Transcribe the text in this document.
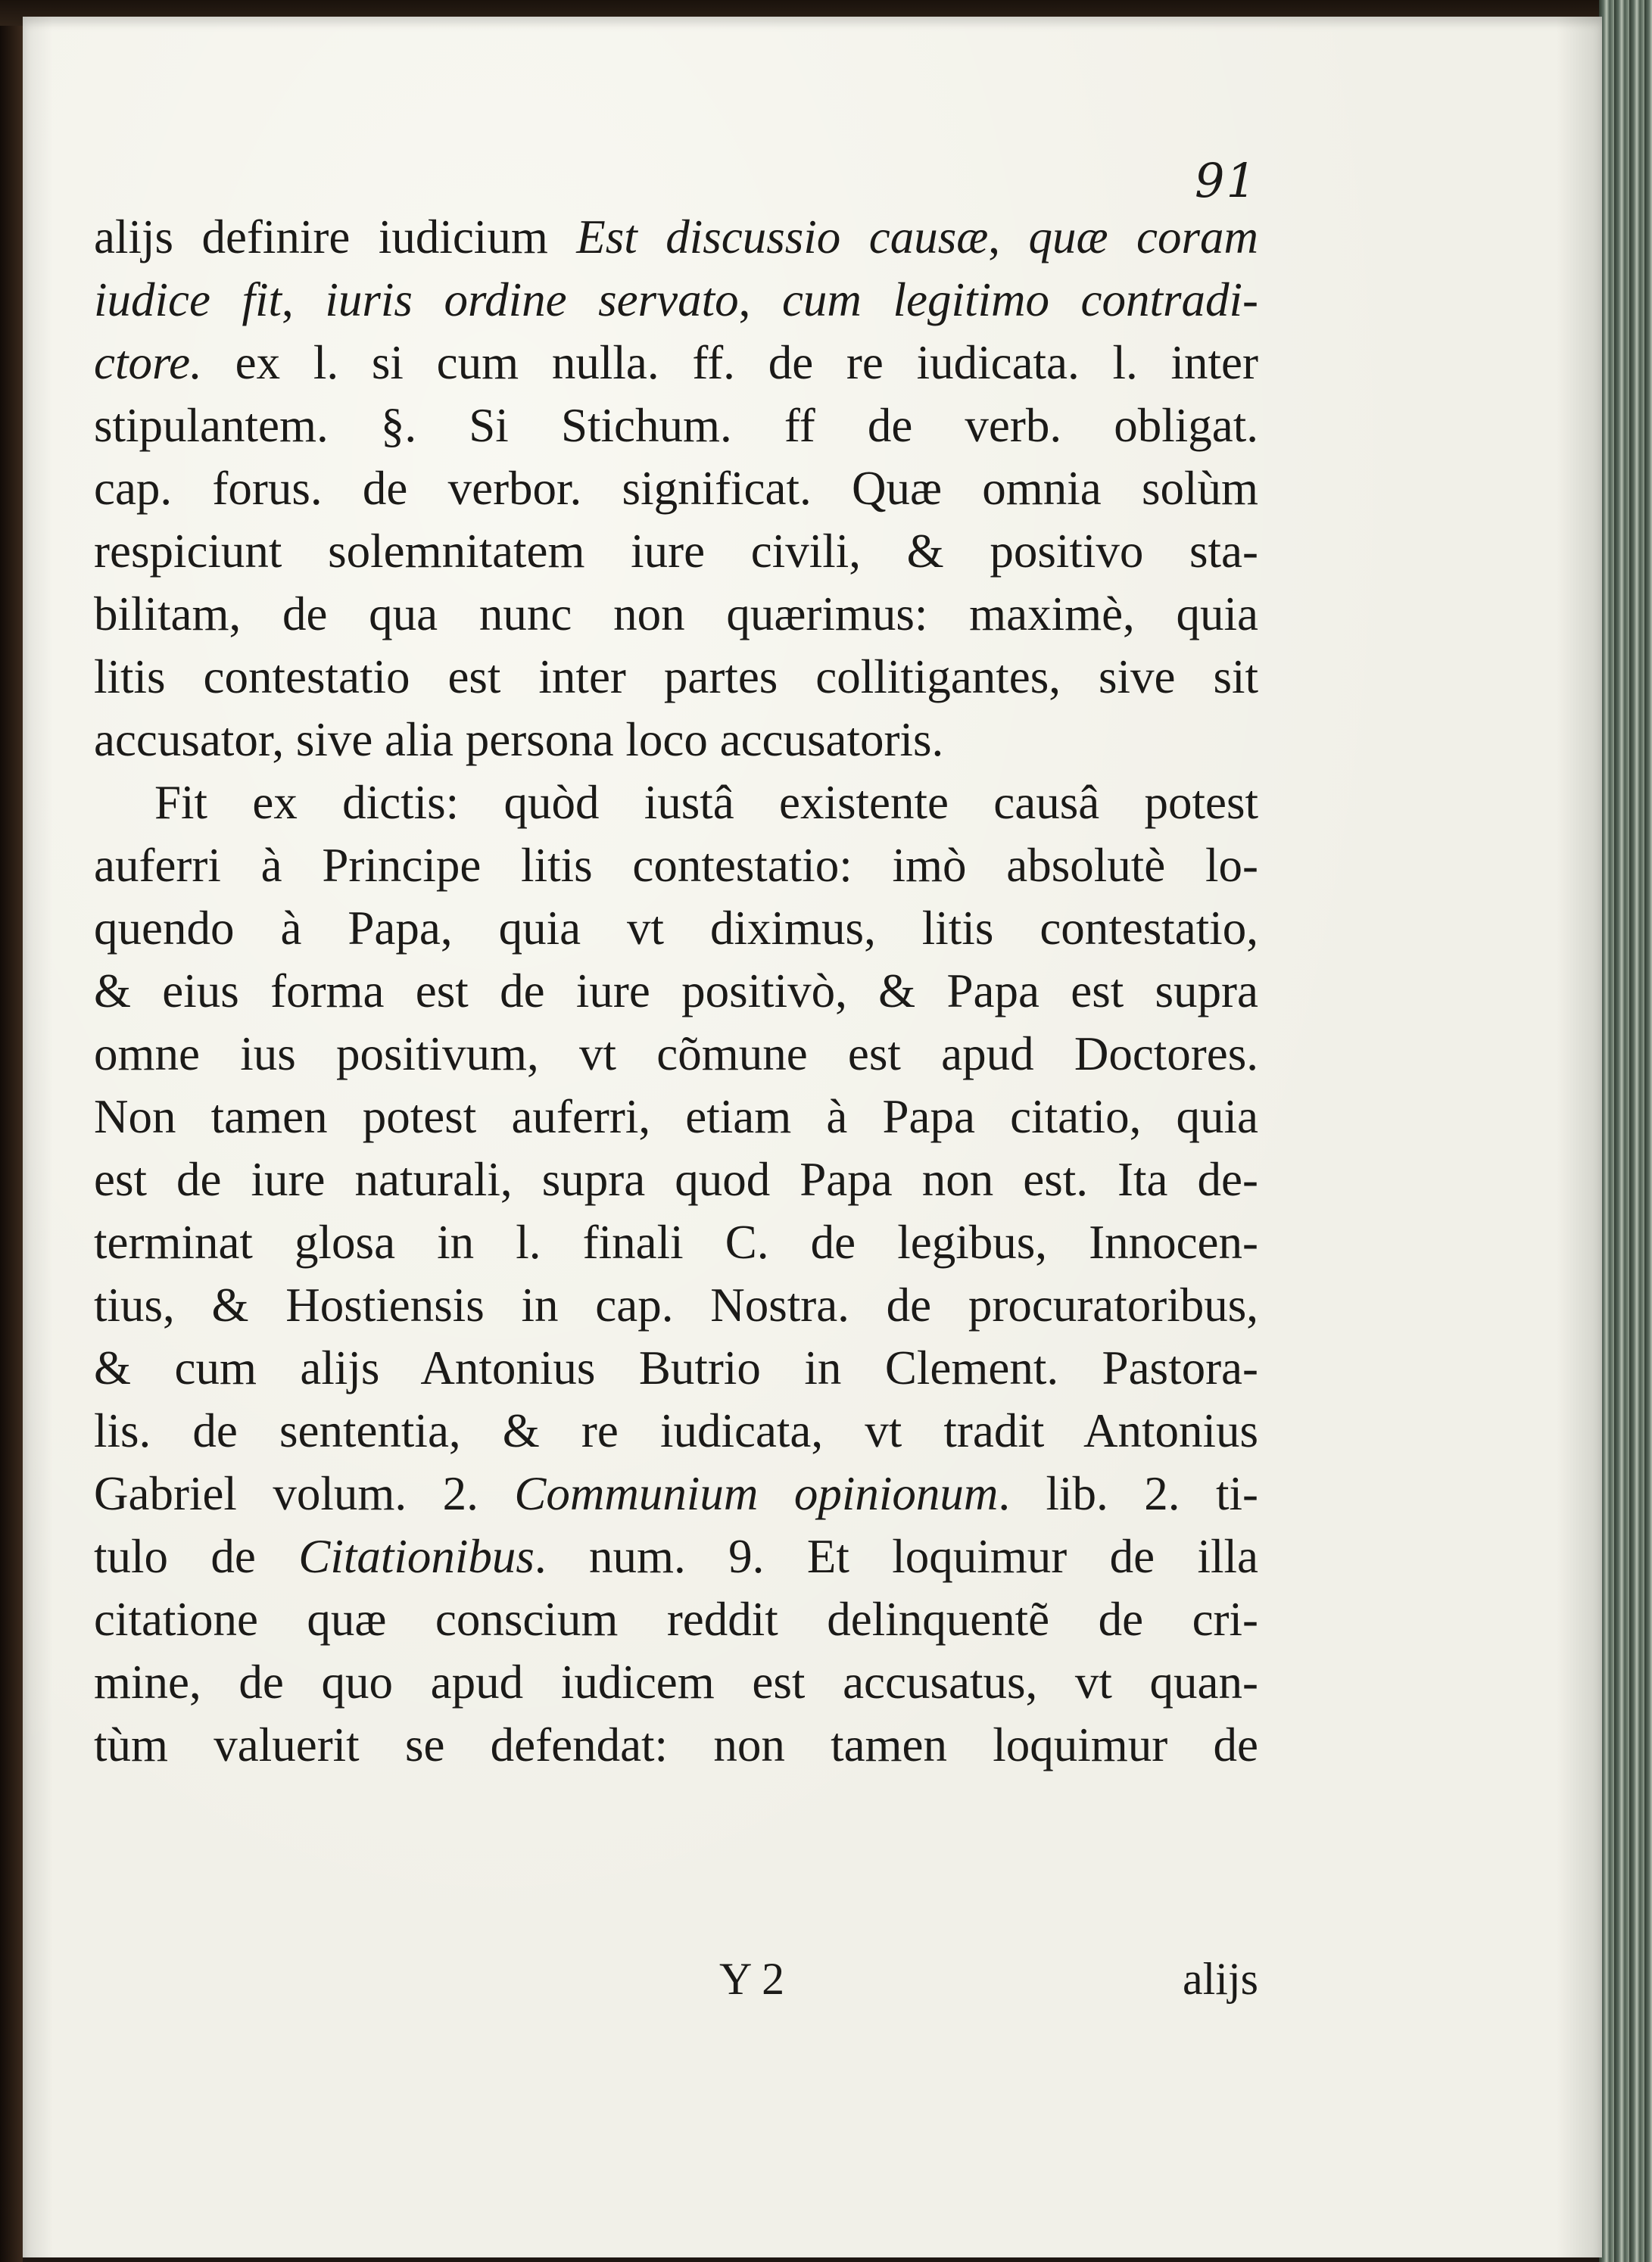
91
alijs definire iudicium Est discussio causæ, quæ coram
iudice fit, iuris ordine servato, cum legitimo contradi-
ctore. ex l. si cum nulla. ff. de re iudicata. l. inter
stipulantem. §. Si Stichum. ff de verb. obligat.
cap. forus. de verbor. significat. Quæ omnia solùm
respiciunt solemnitatem iure civili, & positivo sta-
bilitam, de qua nunc non quærimus: maximè, quia
litis contestatio est inter partes collitigantes, sive sit
accusator, sive alia persona loco accusatoris.
Fit ex dictis: quòd iustâ existente causâ potest
auferri à Principe litis contestatio: imò absolutè lo-
quendo à Papa, quia vt diximus, litis contestatio,
& eius forma est de iure positivò, & Papa est supra
omne ius positivum, vt cõmune est apud Doctores.
Non tamen potest auferri, etiam à Papa citatio, quia
est de iure naturali, supra quod Papa non est. Ita de-
terminat glosa in l. finali C. de legibus, Innocen-
tius, & Hostiensis in cap. Nostra. de procuratoribus,
& cum alijs Antonius Butrio in Clement. Pastora-
lis. de sententia, & re iudicata, vt tradit Antonius
Gabriel volum. 2. Communium opinionum. lib. 2. ti-
tulo de Citationibus. num. 9. Et loquimur de illa
citatione quæ conscium reddit delinquentẽ de cri-
mine, de quo apud iudicem est accusatus, vt quan-
tùm valuerit se defendat: non tamen loquimur de
Y 2	alijs
